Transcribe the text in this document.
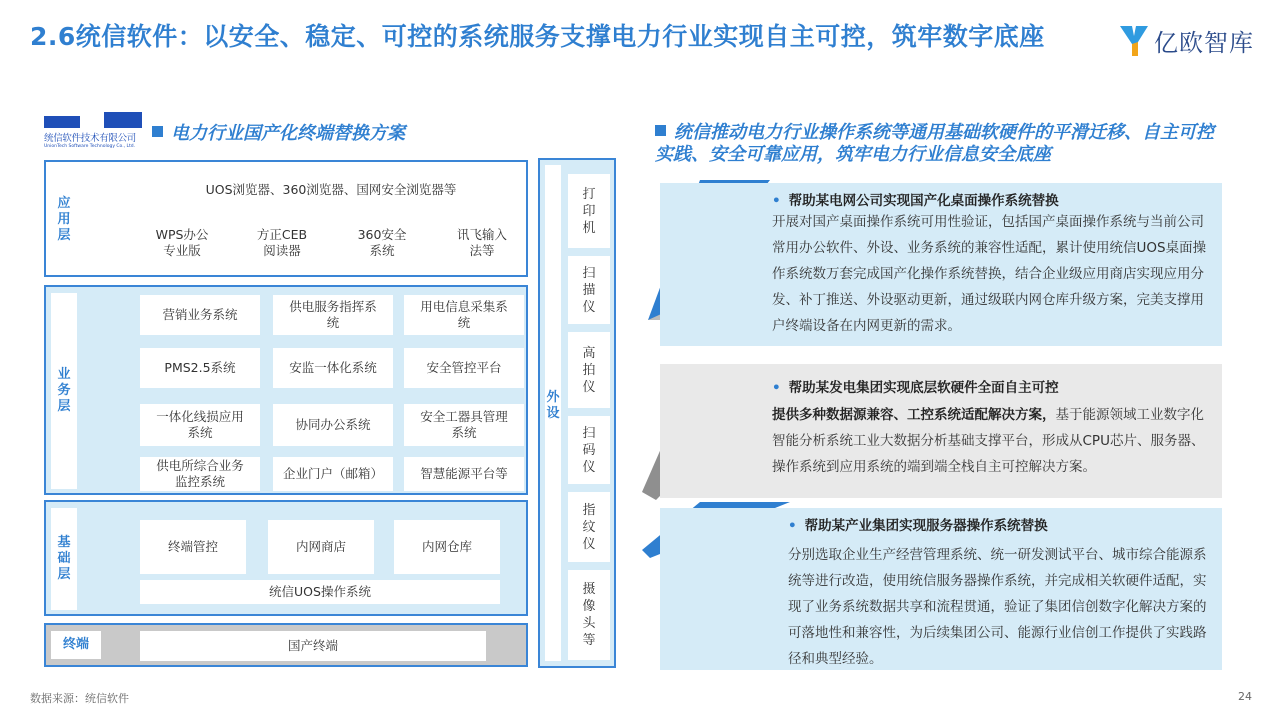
2.6统信软件：以安全、稳定、可控的系统服务支撑电力行业实现自主可控，筑牢数字底座	亿欧智库
统信软件技术有限公司
UnionTech Software Technology Co., Ltd.
电力行业国产化终端替换方案
应用层
UOS浏览器、360浏览器、国网安全浏览器等
WPS办公
专业版
方正CEB
阅读器
360安全
系统
讯飞输入
法等
业务层
营销业务系统
供电服务指挥系
统
用电信息采集系
统
PMS2.5系统	安监一体化系统	安全管控平台
一体化线损应用
系统
协同办公系统
安全工器具管理
系统
供电所综合业务
监控系统
企业门户（邮箱）	智慧能源平台等
基础层
终端管控	内网商店	内网仓库
统信UOS操作系统
终端	国产终端
外设
打印机
扫描仪
高拍仪
扫码仪
指纹仪
摄像头等
统信推动电力行业操作系统等通用基础软硬件的平滑迁移、自主可控实践、安全可靠应用，筑牢电力行业信息安全底座
• 帮助某电网公司实现国产化桌面操作系统替换
开展对国产桌面操作系统可用性验证，包括国产桌面操作系统与当前公司常用办公软件、外设、业务系统的兼容性适配，累计使用统信UOS桌面操作系统数万套完成国产化操作系统替换，结合企业级应用商店实现应用分发、补丁推送、外设驱动更新，通过级联内网仓库升级方案，完美支撑用户终端设备在内网更新的需求。
• 帮助某发电集团实现底层软硬件全面自主可控
提供多种数据源兼容、工控系统适配解决方案，基于能源领域工业数字化智能分析系统工业大数据分析基础支撑平台，形成从CPU芯片、服务器、操作系统到应用系统的端到端全栈自主可控解决方案。
• 帮助某产业集团实现服务器操作系统替换
分别选取企业生产经营管理系统、统一研发测试平台、城市综合能源系统等进行改造，使用统信服务器操作系统，并完成相关软硬件适配，实现了业务系统数据共享和流程贯通，验证了集团信创数字化解决方案的可落地性和兼容性，为后续集团公司、能源行业信创工作提供了实践路径和典型经验。
数据来源：统信软件	24
